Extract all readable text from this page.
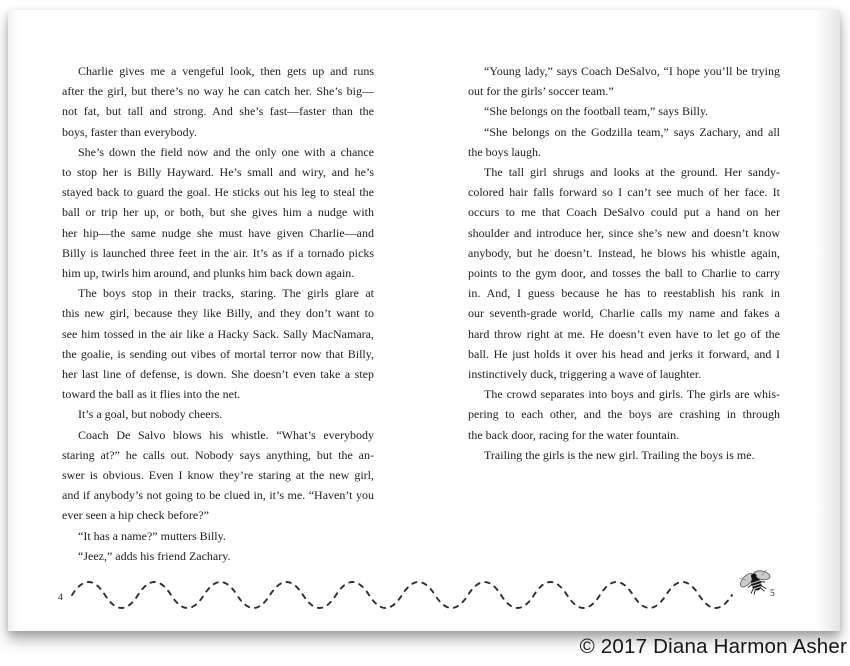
Charlie gives me a vengeful look, then gets up and runs
after the girl, but there’s no way he can catch her. She’s big—
not fat, but tall and strong. And she’s fast—faster than the
boys, faster than everybody.
She’s down the field now and the only one with a chance
to stop her is Billy Hayward. He’s small and wiry, and he’s
stayed back to guard the goal. He sticks out his leg to steal the
ball or trip her up, or both, but she gives him a nudge with
her hip—the same nudge she must have given Charlie—and
Billy is launched three feet in the air. It’s as if a tornado picks
him up, twirls him around, and plunks him back down again.
The boys stop in their tracks, staring. The girls glare at
this new girl, because they like Billy, and they don’t want to
see him tossed in the air like a Hacky Sack. Sally MacNamara,
the goalie, is sending out vibes of mortal terror now that Billy,
her last line of defense, is down. She doesn’t even take a step
toward the ball as it flies into the net.
It’s a goal, but nobody cheers.
Coach De Salvo blows his whistle. “What’s everybody
staring at?” he calls out. Nobody says anything, but the an-
swer is obvious. Even I know they’re staring at the new girl,
and if anybody’s not going to be clued in, it’s me. “Haven’t you
ever seen a hip check before?”
“It has a name?” mutters Billy.
“Jeez,” adds his friend Zachary.
“Young lady,” says Coach DeSalvo, “I hope you’ll be trying
out for the girls’ soccer team.”
“She belongs on the football team,” says Billy.
“She belongs on the Godzilla team,” says Zachary, and all
the boys laugh.
The tall girl shrugs and looks at the ground. Her sandy-
colored hair falls forward so I can’t see much of her face. It
occurs to me that Coach DeSalvo could put a hand on her
shoulder and introduce her, since she’s new and doesn’t know
anybody, but he doesn’t. Instead, he blows his whistle again,
points to the gym door, and tosses the ball to Charlie to carry
in. And, I guess because he has to reestablish his rank in
our seventh-grade world, Charlie calls my name and fakes a
hard throw right at me. He doesn’t even have to let go of the
ball. He just holds it over his head and jerks it forward, and I
instinctively duck, triggering a wave of laughter.
The crowd separates into boys and girls. The girls are whis-
pering to each other, and the boys are crashing in through
the back door, racing for the water fountain.
Trailing the girls is the new girl. Trailing the boys is me.
4	5
© 2017 Diana Harmon Asher
